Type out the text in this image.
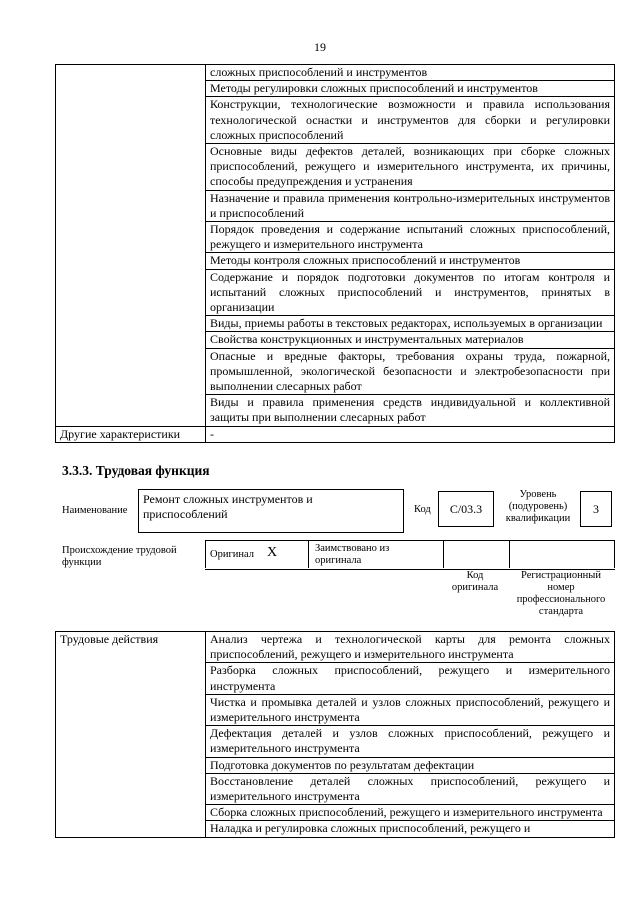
19
	сложных приспособлений и инструментов
	Методы регулировки сложных приспособлений и инструментов
	Конструкции, технологические возможности и правила использования технологической оснастки и инструментов для сборки и регулировки сложных приспособлений
	Основные виды дефектов деталей, возникающих при сборке сложных приспособлений, режущего и измерительного инструмента, их причины, способы предупреждения и устранения
	Назначение и правила применения контрольно-измерительных инструментов и приспособлений
	Порядок проведения и содержание испытаний сложных приспособлений, режущего и измерительного инструмента
	Методы контроля сложных приспособлений и инструментов
	Содержание и порядок подготовки документов по итогам контроля и испытаний сложных приспособлений и инструментов, принятых в организации
	Виды, приемы работы в текстовых редакторах, используемых в организации
	Свойства конструкционных и инструментальных материалов
	Опасные и вредные факторы, требования охраны труда, пожарной, промышленной, экологической безопасности и электробезопасности при выполнении слесарных работ
	Виды и правила применения средств индивидуальной и коллективной защиты при выполнении слесарных работ
Другие характеристики	-
3.3.3. Трудовая функция
Наименование
Ремонт сложных инструментов и приспособлений	Код	С/03.3
Уровень (подуровень) квалификации
3
Происхождение трудовой функции
Оригинал X	Заимствовано из оригинала
Код оригинала
Регистрационный номер профессионального стандарта
Трудовые действия	Анализ чертежа и технологической карты для ремонта сложных приспособлений, режущего и измерительного инструмента
Разборка сложных приспособлений, режущего и измерительного инструмента
Чистка и промывка деталей и узлов сложных приспособлений, режущего и измерительного инструмента
Дефектация деталей и узлов сложных приспособлений, режущего и измерительного инструмента
Подготовка документов по результатам дефектации
Восстановление деталей сложных приспособлений, режущего и измерительного инструмента
Сборка сложных приспособлений, режущего и измерительного инструмента
Наладка и регулировка сложных приспособлений, режущего и
